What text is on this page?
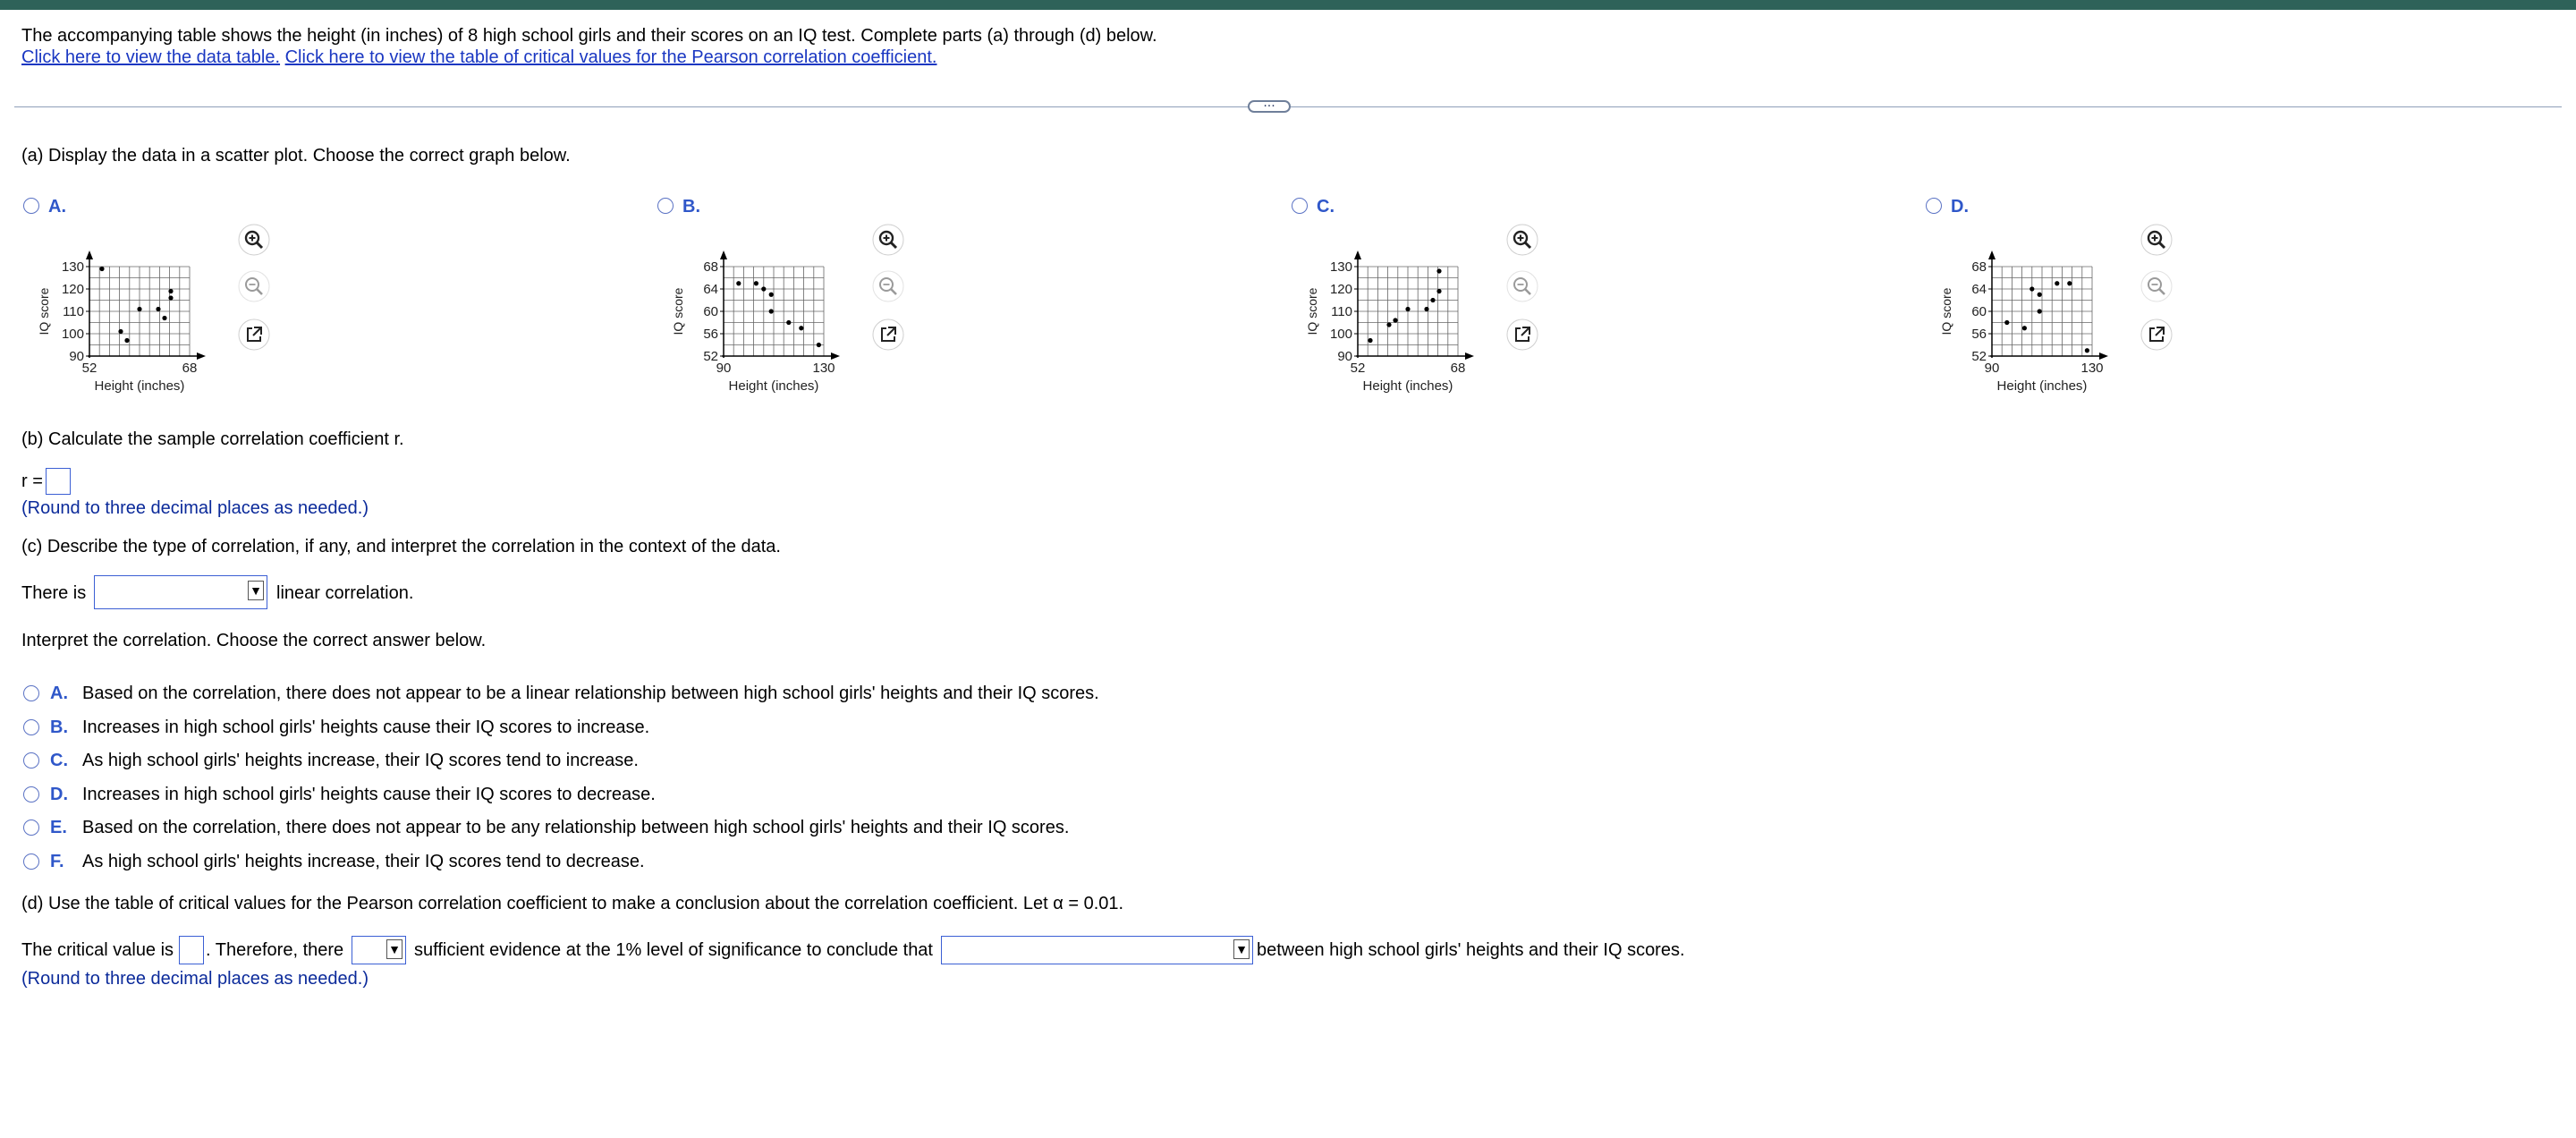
The accompanying table shows the height (in inches) of 8 high school girls and their scores on an IQ test. Complete parts (a) through (d) below.
Click here to view the data table. Click here to view the table of critical values for the Pearson correlation coefficient.
···
(a) Display the data in a scatter plot. Choose the correct graph below.
A.
90
100
110
120
130
52	68
Height (inches)
IQ score
B.
52
56
60
64
68
90	130
Height (inches)
IQ score
C.
90
100
110
120
130
52	68
Height (inches)
IQ score
D.
52
56
60
64
68
90	130
Height (inches)
IQ score
(b) Calculate the sample correlation coefficient r.
r =
(Round to three decimal places as needed.)
(c) Describe the type of correlation, if any, and interpret the correlation in the context of the data.
There is	▼ linear correlation.
Interpret the correlation. Choose the correct answer below.
A. Based on the correlation, there does not appear to be a linear relationship between high school girls' heights and their IQ scores.
B. Increases in high school girls' heights cause their IQ scores to increase.
C. As high school girls' heights increase, their IQ scores tend to increase.
D. Increases in high school girls' heights cause their IQ scores to decrease.
E. Based on the correlation, there does not appear to be any relationship between high school girls' heights and their IQ scores.
F. As high school girls' heights increase, their IQ scores tend to decrease.
(d) Use the table of critical values for the Pearson correlation coefficient to make a conclusion about the correlation coefficient. Let α = 0.01.
The critical value is . Therefore, there	▼ sufficient evidence at the 1% level of significance to conclude that	▼ between high school girls' heights and their IQ scores.
(Round to three decimal places as needed.)
